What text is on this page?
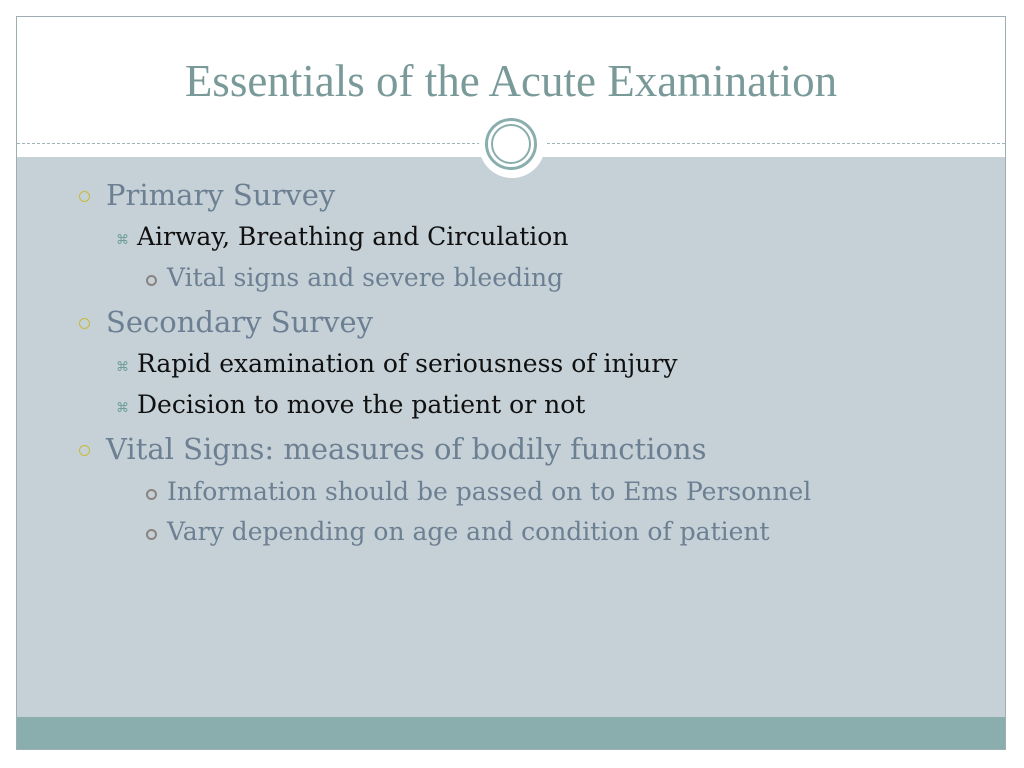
Essentials of the Acute Examination
Primary Survey
⌘ Airway, Breathing and Circulation
Vital signs and severe bleeding
Secondary Survey
⌘ Rapid examination of seriousness of injury
⌘ Decision to move the patient or not
Vital Signs: measures of bodily functions
Information should be passed on to Ems Personnel
Vary depending on age and condition of patient
